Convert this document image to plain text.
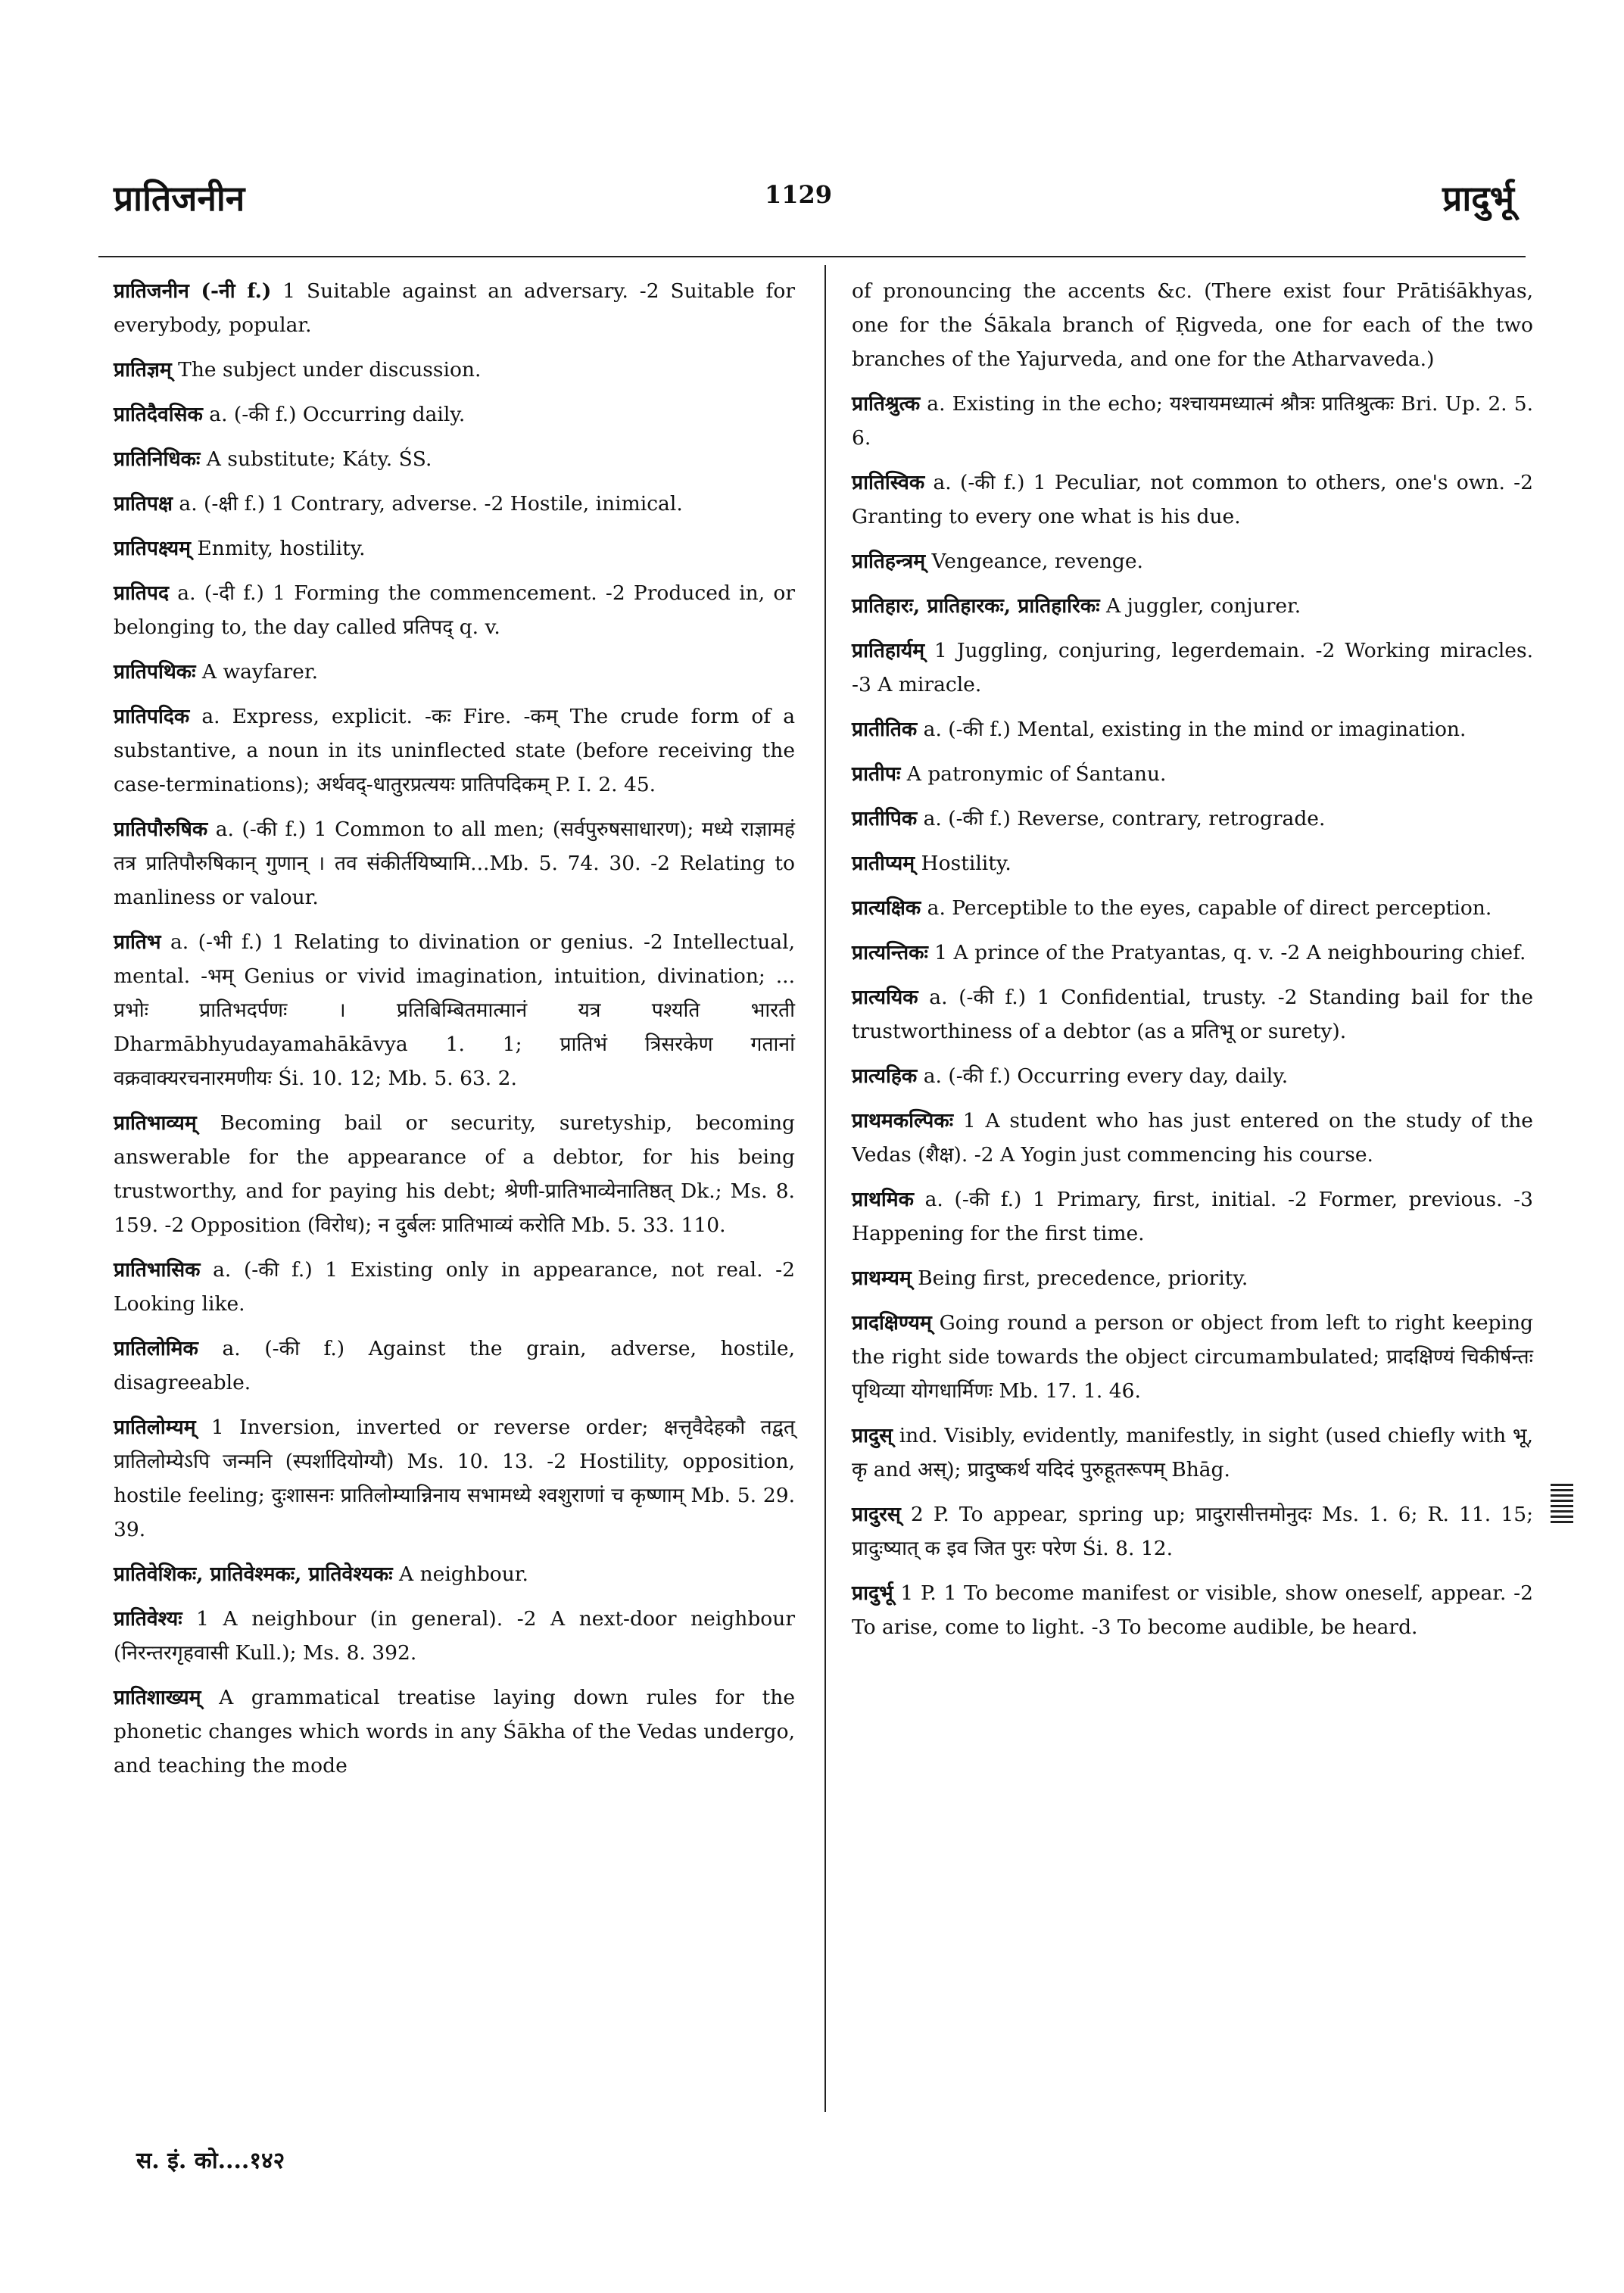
प्रातिजनीन	1129	प्रादुर्भू
प्रातिजनीन (-नी f.) 1 Suitable against an adversary. -2 Suitable for everybody, popular.
प्रातिज्ञम् The subject under discussion.
प्रातिदैवसिक a. (-की f.) Occurring daily.
प्रातिनिधिकः A substitute; Káty. ŚS.
प्रातिपक्ष a. (-क्षी f.) 1 Contrary, adverse. -2 Hostile, inimical.
प्रातिपक्ष्यम् Enmity, hostility.
प्रातिपद a. (-दी f.) 1 Forming the commencement. -2 Produced in, or belonging to, the day called प्रतिपद् q. v.
प्रातिपथिकः A wayfarer.
प्रातिपदिक a. Express, explicit. -कः Fire. -कम् The crude form of a substantive, a noun in its uninflected state (before receiving the case-terminations); अर्थवद्-धातुरप्रत्ययः प्रातिपदिकम् P. I. 2. 45.
प्रातिपौरुषिक a. (-की f.) 1 Common to all men; (सर्वपुरुषसाधारण); मध्ये राज्ञामहं तत्र प्रातिपौरुषिकान् गुणान् । तव संकीर्तयिष्यामि...Mb. 5. 74. 30. -2 Relating to manliness or valour.
प्रातिभ a. (-भी f.) 1 Relating to divination or genius. -2 Intellectual, mental. -भम् Genius or vivid imagination, intuition, divination; ... प्रभोः प्रातिभदर्पणः । प्रतिबिम्बितमात्मानं यत्र पश्यति भारती Dharmābhyudayamahākāvya 1. 1; प्रातिभं त्रिसरकेण गतानां वक्रवाक्यरचनारमणीयः Śi. 10. 12; Mb. 5. 63. 2.
प्रातिभाव्यम् Becoming bail or security, suretyship, becoming answerable for the appearance of a debtor, for his being trustworthy, and for paying his debt; श्रेणी-प्रातिभाव्येनातिष्ठत् Dk.; Ms. 8. 159. -2 Opposition (विरोध); न दुर्बलः प्रातिभाव्यं करोति Mb. 5. 33. 110.
प्रातिभासिक a. (-की f.) 1 Existing only in appearance, not real. -2 Looking like.
प्रातिलोमिक a. (-की f.) Against the grain, adverse, hostile, disagreeable.
प्रातिलोम्यम् 1 Inversion, inverted or reverse order; क्षत्तृवैदेहकौ तद्वत् प्रातिलोम्येऽपि जन्मनि (स्पर्शादियोग्यौ) Ms. 10. 13. -2 Hostility, opposition, hostile feeling; दुःशासनः प्रातिलोम्यान्निनाय सभामध्ये श्वशुराणां च कृष्णाम् Mb. 5. 29. 39.
प्रातिवेशिकः, प्रातिवेश्मकः, प्रातिवेश्यकः A neighbour.
प्रातिवेश्यः 1 A neighbour (in general). -2 A next-door neighbour (निरन्तरगृहवासी Kull.); Ms. 8. 392.
प्रातिशाख्यम् A grammatical treatise laying down rules for the phonetic changes which words in any Śākha of the Vedas undergo, and teaching the mode
of pronouncing the accents &c. (There exist four Prātiśākhyas, one for the Śākala branch of Ṛigveda, one for each of the two branches of the Yajurveda, and one for the Atharvaveda.)
प्रातिश्रुत्क a. Existing in the echo; यश्चायमध्यात्मं श्रौत्रः प्रातिश्रुत्कः Bri. Up. 2. 5. 6.
प्रातिस्विक a. (-की f.) 1 Peculiar, not common to others, one's own. -2 Granting to every one what is his due.
प्रातिहन्त्रम् Vengeance, revenge.
प्रातिहारः, प्रातिहारकः, प्रातिहारिकः A juggler, conjurer.
प्रातिहार्यम् 1 Juggling, conjuring, legerdemain. -2 Working miracles. -3 A miracle.
प्रातीतिक a. (-की f.) Mental, existing in the mind or imagination.
प्रातीपः A patronymic of Śantanu.
प्रातीपिक a. (-की f.) Reverse, contrary, retrograde.
प्रातीप्यम् Hostility.
प्रात्यक्षिक a. Perceptible to the eyes, capable of direct perception.
प्रात्यन्तिकः 1 A prince of the Pratyantas, q. v. -2 A neighbouring chief.
प्रात्ययिक a. (-की f.) 1 Confidential, trusty. -2 Standing bail for the trustworthiness of a debtor (as a प्रतिभू or surety).
प्रात्यहिक a. (-की f.) Occurring every day, daily.
प्राथमकल्पिकः 1 A student who has just entered on the study of the Vedas (शैक्ष). -2 A Yogin just commencing his course.
प्राथमिक a. (-की f.) 1 Primary, first, initial. -2 Former, previous. -3 Happening for the first time.
प्राथम्यम् Being first, precedence, priority.
प्रादक्षिण्यम् Going round a person or object from left to right keeping the right side towards the object circumambulated; प्रादक्षिण्यं चिकीर्षन्तः पृथिव्या योगधार्मिणः Mb. 17. 1. 46.
प्रादुस् ind. Visibly, evidently, manifestly, in sight (used chiefly with भू, कृ and अस्); प्रादुष्कर्थ यदिदं पुरुहूतरूपम् Bhāg.
प्रादुरस् 2 P. To appear, spring up; प्रादुरासीत्तमोनुदः Ms. 1. 6; R. 11. 15; प्रादुःष्यात् क इव जित पुरः परेण Śi. 8. 12.
प्रादुर्भू 1 P. 1 To become manifest or visible, show oneself, appear. -2 To arise, come to light. -3 To become audible, be heard.
स. इं. को....१४२
